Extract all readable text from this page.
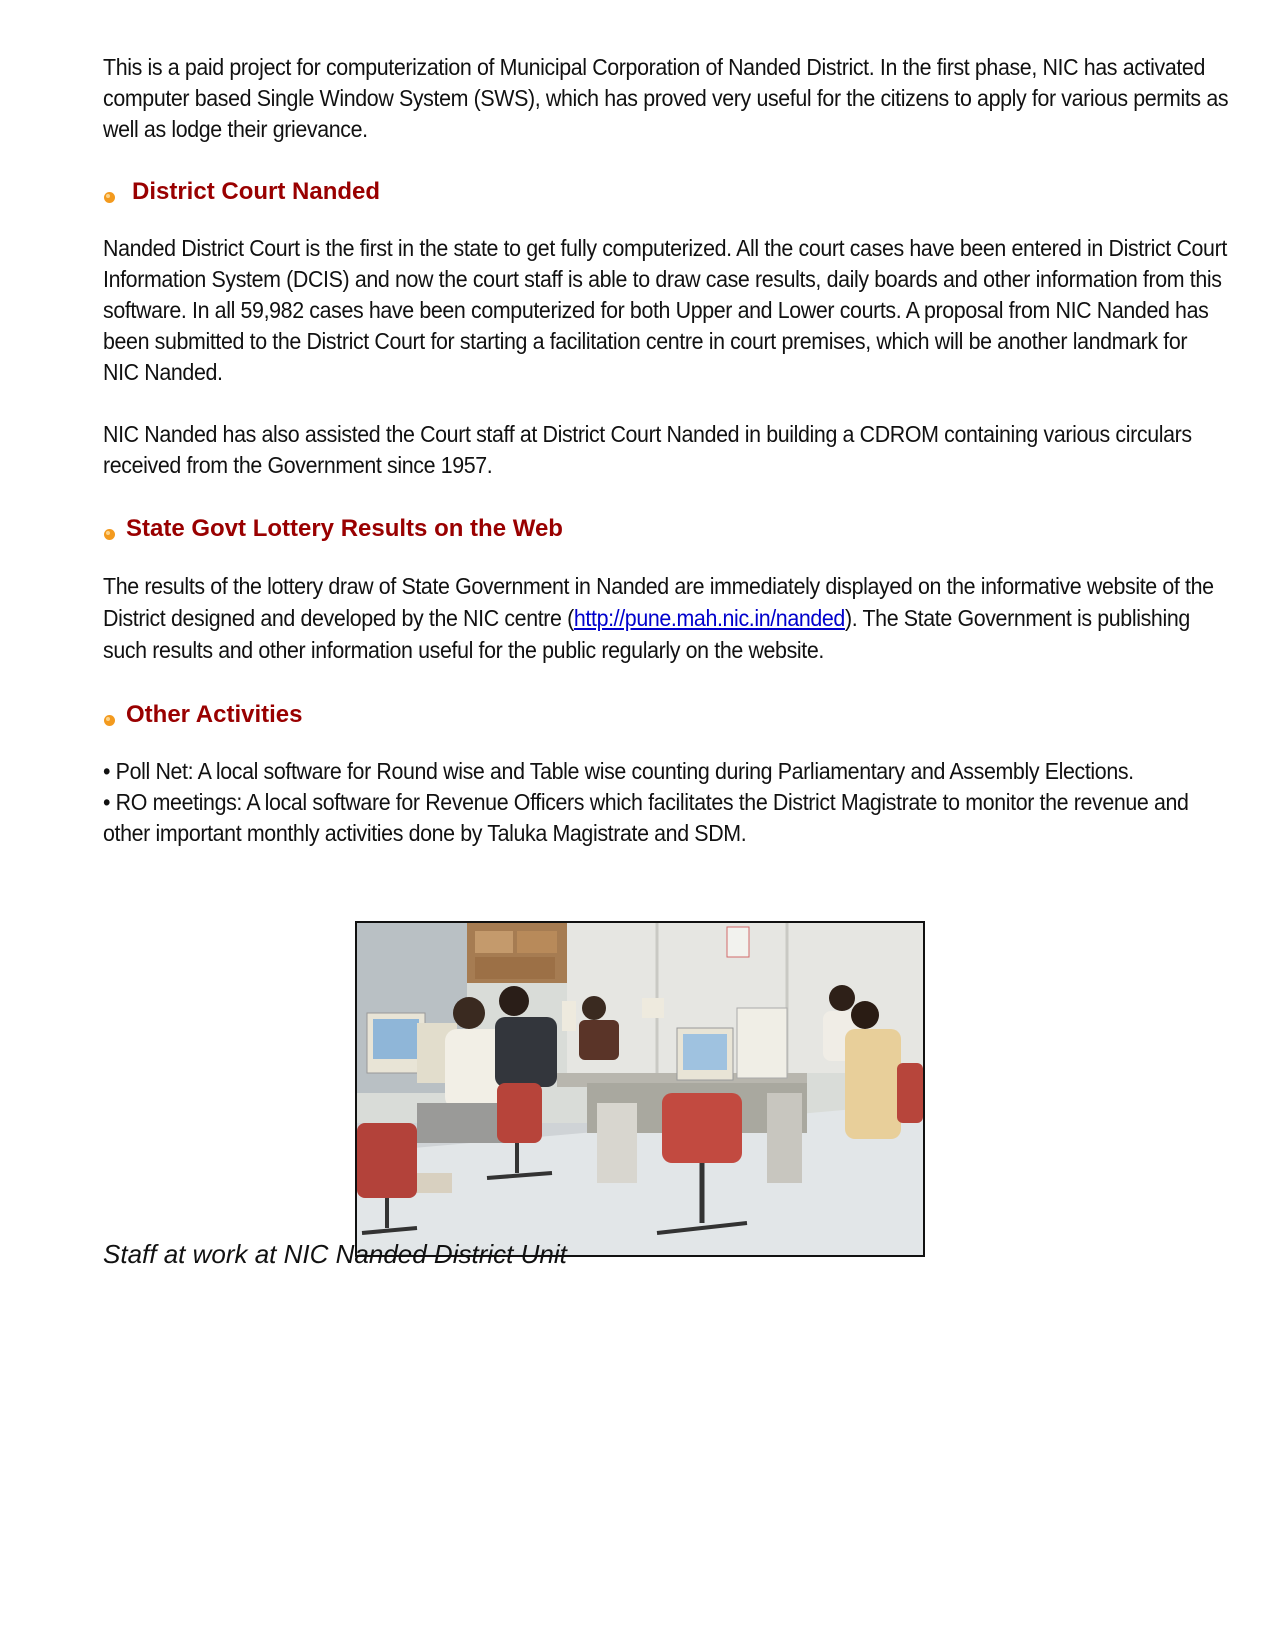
This is a paid project for computerization of Municipal Corporation of Nanded District. In the first phase, NIC has activated computer based Single Window System (SWS), which has proved very useful for the citizens to apply for various permits as well as lodge their grievance.

District Court Nanded

Nanded District Court is the first in the state to get fully computerized. All the court cases have been entered in District Court Information System (DCIS) and now the court staff is able to draw case results, daily boards and other information from this software. In all 59,982 cases have been computerized for both Upper and Lower courts. A proposal from NIC Nanded has been submitted to the District Court for starting a facilitation centre in court premises, which will be another landmark for NIC Nanded.

NIC Nanded has also assisted the Court staff at District Court Nanded in building a CDROM containing various circulars received from the Government since 1957.

State Govt Lottery Results on the Web

The results of the lottery draw of State Government in Nanded are immediately displayed on the informative website of the District designed and developed by the NIC centre (http://pune.mah.nic.in/nanded). The State Government is publishing such results and other information useful for the public regularly on the website.

Other Activities

• Poll Net: A local software for Round wise and Table wise counting during Parliamentary and Assembly Elections.

• RO meetings: A local software for Revenue Officers which facilitates the District Magistrate to monitor the revenue and other important monthly activities done by Taluka Magistrate and SDM.

Staff at work at NIC Nanded District Unit
